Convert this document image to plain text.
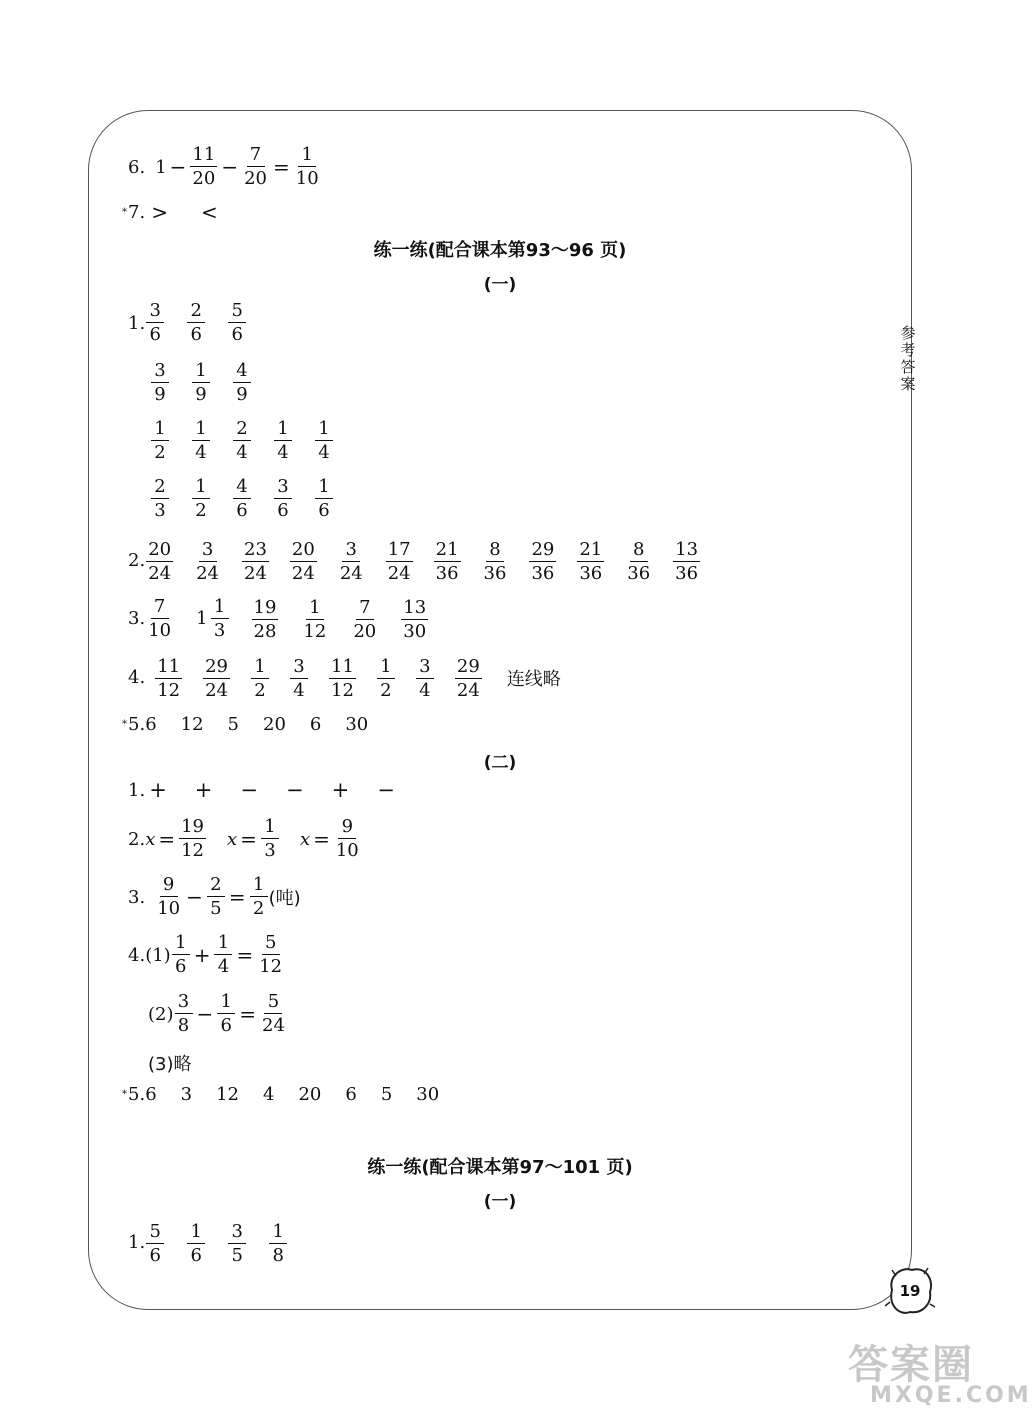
参
考
答
案
6. $1 - \frac{11}{20} - \frac{7}{20} = \frac{1}{10}$
* 7. > <
练一练(配合课本第93～96 页)
(一)
1. $\frac{3}{6} \frac{2}{6} \frac{5}{6}$
$\frac{3}{9} \frac{1}{9} \frac{4}{9}$
$\frac{1}{2} \frac{1}{4} \frac{2}{4} \frac{1}{4} \frac{1}{4}$
$\frac{2}{3} \frac{1}{2} \frac{4}{6} \frac{3}{6} \frac{1}{6}$
2. $\frac{20}{24} \frac{3}{24} \frac{23}{24} \frac{20}{24} \frac{3}{24} \frac{17}{24} \frac{21}{36} \frac{8}{36} \frac{29}{36} \frac{21}{36} \frac{8}{36} \frac{13}{36}$
3. $\frac{7}{10} 1 \frac{1}{3} \frac{19}{28} \frac{1}{12} \frac{7}{20} \frac{13}{30}$
4. $\frac{11}{12} \frac{29}{24} \frac{1}{2} \frac{3}{4} \frac{11}{12} \frac{1}{2} \frac{3}{4} \frac{29}{24}$ 连线略
* 5. 6 12 5 20 6 30
(二)
1. + + − − + −
2. $x = \frac{19}{12}$ $x = \frac{1}{3}$ $x = \frac{9}{10}$
3. $\frac{9}{10} - \frac{2}{5} = \frac{1}{2}$ (吨)
4. $(1) \frac{1}{6} + \frac{1}{4} = \frac{5}{12}$
$(2) \frac{3}{8} - \frac{1}{6} = \frac{5}{24}$
(3)略
* 5. 6 3 12 4 20 6 5 30
练一练(配合课本第97～101 页)
(一)
1. $\frac{5}{6} \frac{1}{6} \frac{3}{5} \frac{1}{8}$
19
答案圈
MXQE.COM
